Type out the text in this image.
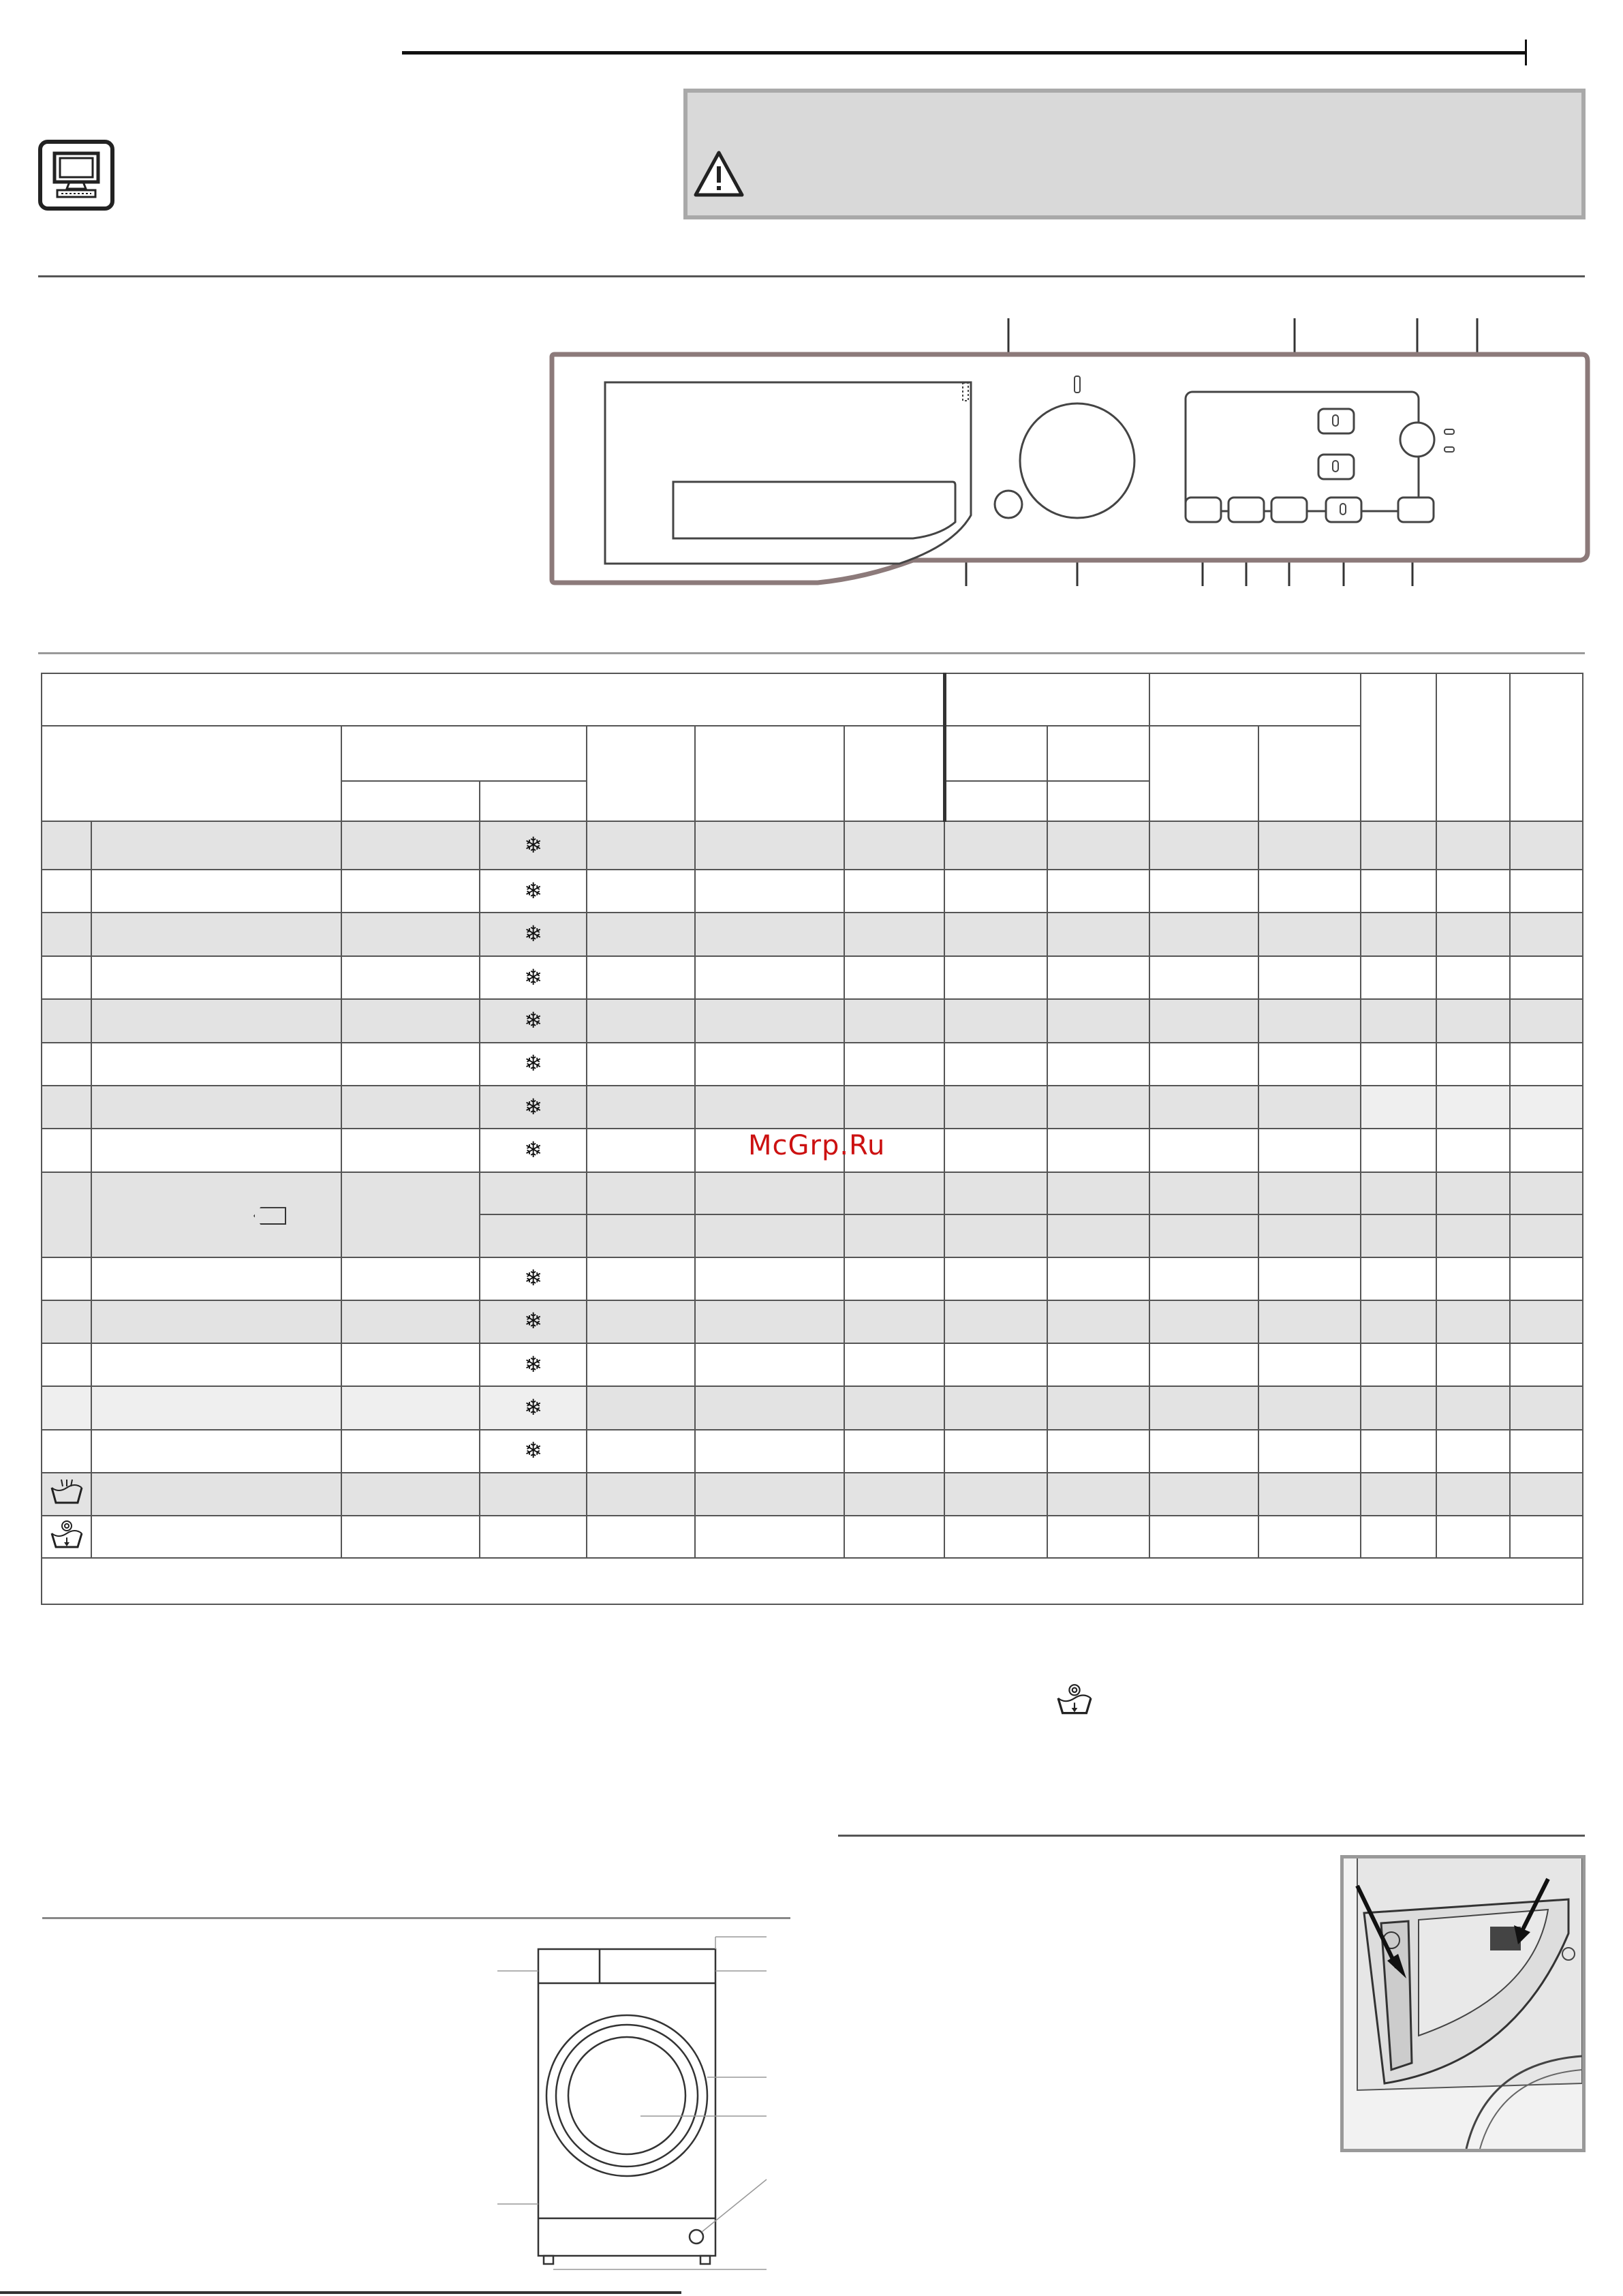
			❄										
			❄										
			❄										
			❄										
			❄										
			❄										
			❄										
			❄										

			❄										
			❄										
			❄										
			❄										
			❄										

McGrp.Ru
